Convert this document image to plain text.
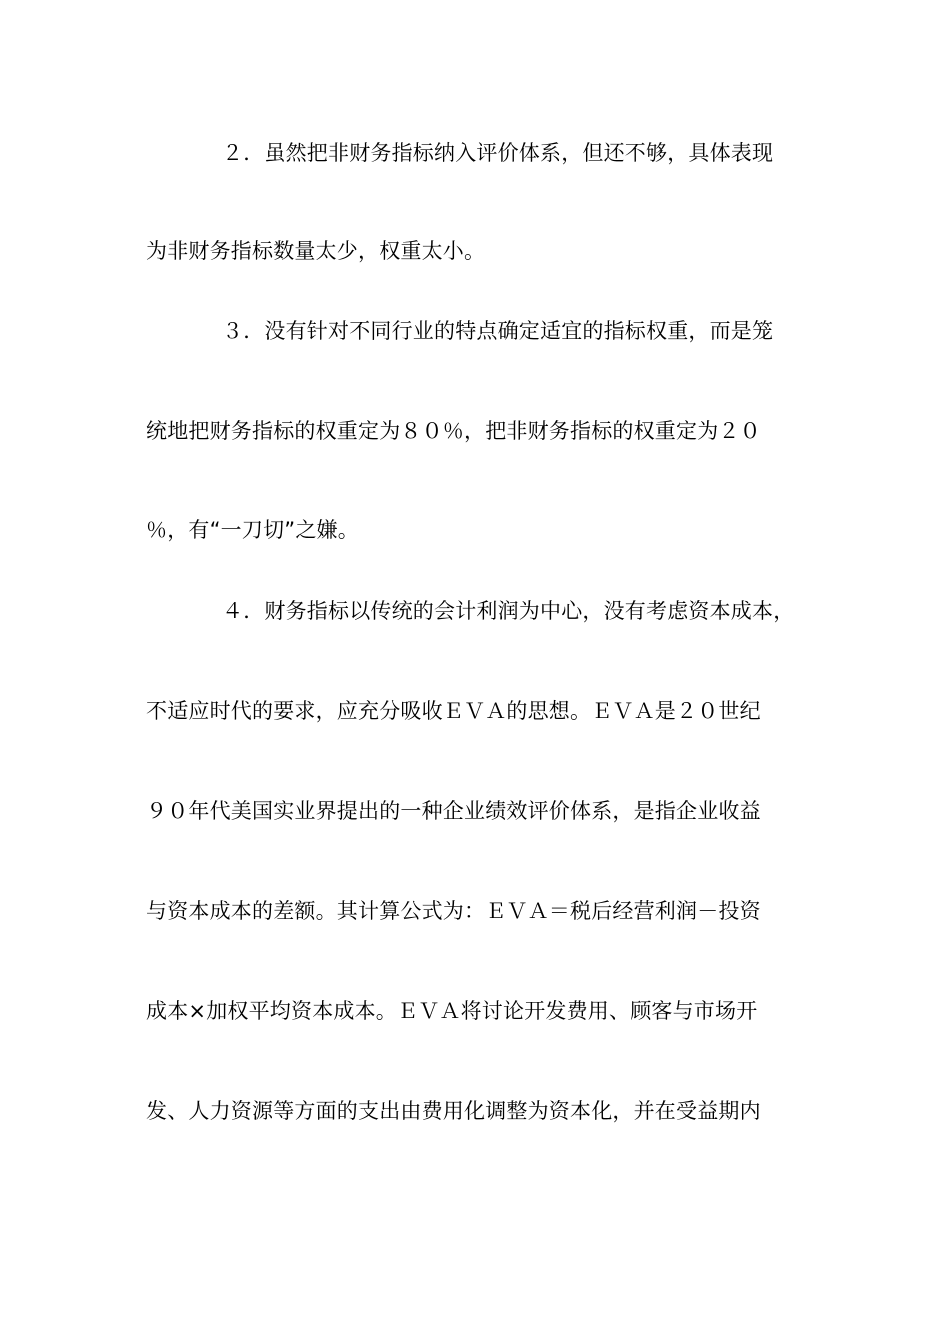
２．虽然把非财务指标纳入评价体系，但还不够，具体表现
为非财务指标数量太少，权重太小。
３．没有针对不同行业的特点确定适宜的指标权重，而是笼
统地把财务指标的权重定为８０％，把非财务指标的权重定为２０
％，有“一刀切”之嫌。
４．财务指标以传统的会计利润为中心，没有考虑资本成本，
不适应时代的要求，应充分吸收ＥＶＡ的思想。ＥＶＡ是２０世纪
９０年代美国实业界提出的一种企业绩效评价体系，是指企业收益
与资本成本的差额。其计算公式为：ＥＶＡ＝税后经营利润－投资
成本×加权平均资本成本。ＥＶＡ将讨论开发费用、顾客与市场开
发、人力资源等方面的支出由费用化调整为资本化，并在受益期内
